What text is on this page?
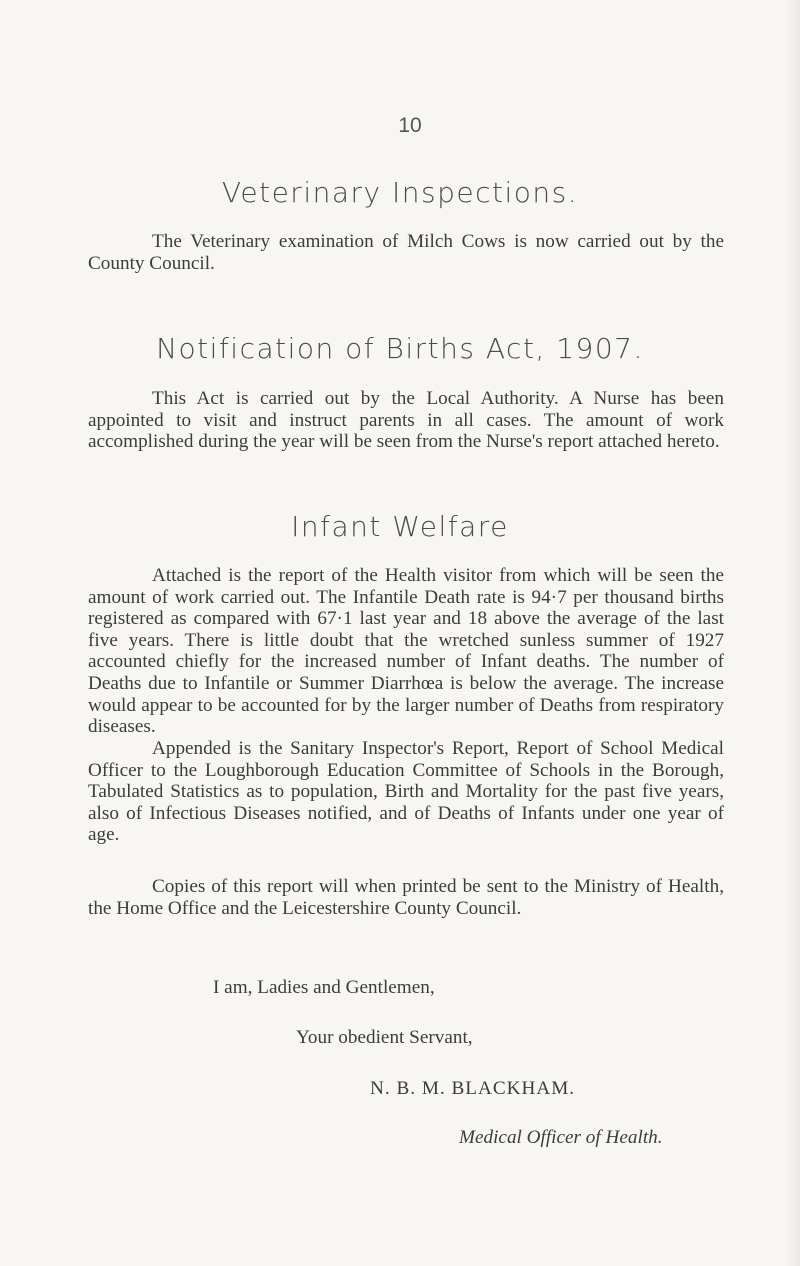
10
Veterinary Inspections.
The Veterinary examination of Milch Cows is now carried out by the County Council.
Notification of Births Act, 1907.
This Act is carried out by the Local Authority. A Nurse has been appointed to visit and instruct parents in all cases. The amount of work accomplished during the year will be seen from the Nurse's report attached hereto.
Infant Welfare
Attached is the report of the Health visitor from which will be seen the amount of work carried out. The Infantile Death rate is 94·7 per thousand births registered as compared with 67·1 last year and 18 above the average of the last five years. There is little doubt that the wretched sunless summer of 1927 accounted chiefly for the increased number of Infant deaths. The number of Deaths due to Infantile or Summer Diarrhœa is below the average. The increase would appear to be accounted for by the larger number of Deaths from respiratory diseases.
Appended is the Sanitary Inspector's Report, Report of School Medical Officer to the Loughborough Education Committee of Schools in the Borough, Tabulated Statistics as to population, Birth and Mortality for the past five years, also of Infectious Diseases notified, and of Deaths of Infants under one year of age.
Copies of this report will when printed be sent to the Ministry of Health, the Home Office and the Leicestershire County Council.
I am, Ladies and Gentlemen,
Your obedient Servant,
N. B. M. BLACKHAM.
Medical Officer of Health.
